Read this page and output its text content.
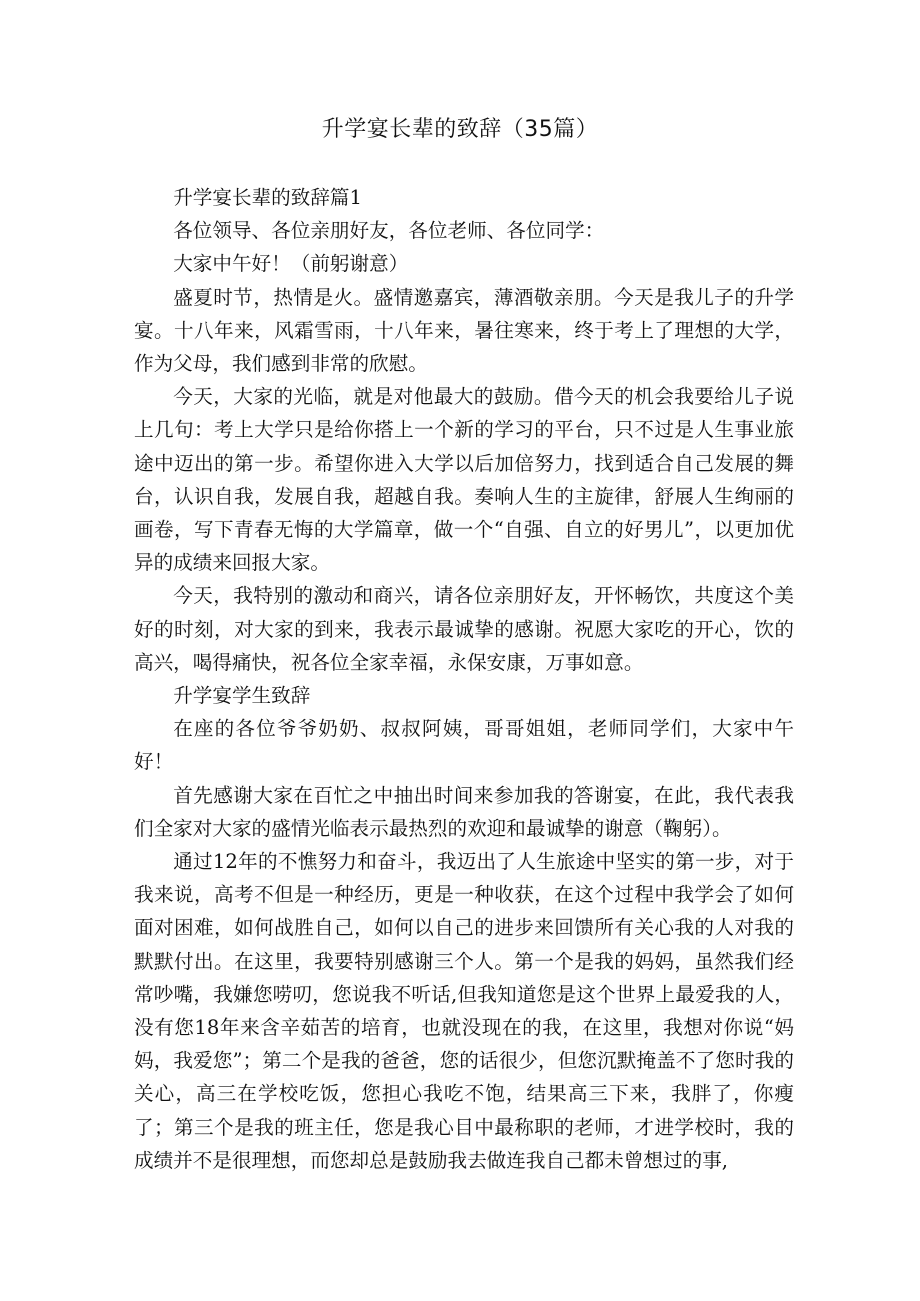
升学宴长辈的致辞（35篇）

升学宴长辈的致辞篇1

各位领导、各位亲朋好友，各位老师、各位同学：

大家中午好！（前躬谢意）

盛夏时节，热情是火。盛情邀嘉宾，薄酒敬亲朋。今天是我儿子的升学宴。十八年来，风霜雪雨，十八年来，暑往寒来，终于考上了理想的大学，作为父母，我们感到非常的欣慰。

今天，大家的光临，就是对他最大的鼓励。借今天的机会我要给儿子说上几句：考上大学只是给你搭上一个新的学习的平台，只不过是人生事业旅途中迈出的第一步。希望你进入大学以后加倍努力，找到适合自己发展的舞台，认识自我，发展自我，超越自我。奏响人生的主旋律，舒展人生绚丽的画卷，写下青春无悔的大学篇章，做一个“自强、自立的好男儿”，以更加优异的成绩来回报大家。

今天，我特别的激动和商兴，请各位亲朋好友，开怀畅饮，共度这个美好的时刻，对大家的到来，我表示最诚挚的感谢。祝愿大家吃的开心，饮的高兴，喝得痛快，祝各位全家幸福，永保安康，万事如意。

升学宴学生致辞

在座的各位爷爷奶奶、叔叔阿姨，哥哥姐姐，老师同学们，大家中午好！

首先感谢大家在百忙之中抽出时间来参加我的答谢宴，在此，我代表我们全家对大家的盛情光临表示最热烈的欢迎和最诚挚的谢意（鞠躬）。

通过12年的不憔努力和奋斗，我迈出了人生旅途中坚实的第一步，对于我来说，高考不但是一种经历，更是一种收获，在这个过程中我学会了如何面对困难，如何战胜自己，如何以自己的进步来回馈所有关心我的人对我的默默付出。在这里，我要特别感谢三个人。第一个是我的妈妈，虽然我们经常吵嘴，我嫌您唠叨，您说我不听话,但我知道您是这个世界上最爱我的人，没有您18年来含辛茹苦的培育，也就没现在的我，在这里，我想对你说“妈妈，我爱您”；第二个是我的爸爸，您的话很少，但您沉默掩盖不了您时我的关心，高三在学校吃饭，您担心我吃不饱，结果高三下来，我胖了，你瘦了；第三个是我的班主任，您是我心目中最称职的老师，才进学校时，我的成绩并不是很理想，而您却总是鼓励我去做连我自己都未曾想过的事,
